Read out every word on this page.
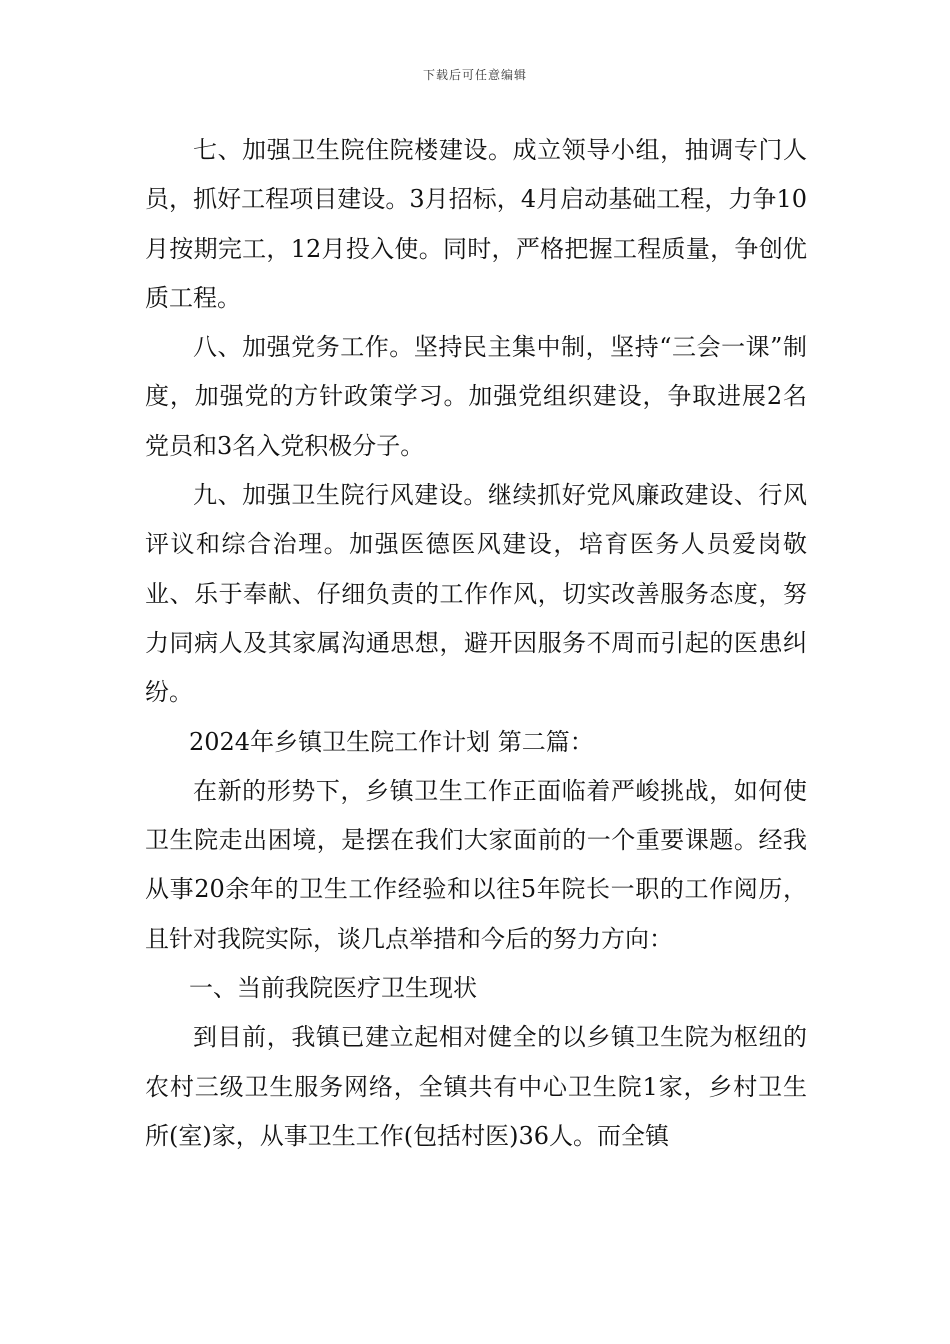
下载后可任意编辑

七、加强卫生院住院楼建设。成立领导小组，抽调专门人员，抓好工程项目建设。3月招标，4月启动基础工程，力争10月按期完工，12月投入使。同时，严格把握工程质量，争创优质工程。

八、加强党务工作。坚持民主集中制，坚持“三会一课”制度，加强党的方针政策学习。加强党组织建设，争取进展2名党员和3名入党积极分子。

九、加强卫生院行风建设。继续抓好党风廉政建设、行风评议和综合治理。加强医德医风建设，培育医务人员爱岗敬业、乐于奉献、仔细负责的工作作风，切实改善服务态度，努力同病人及其家属沟通思想，避开因服务不周而引起的医患纠纷。

2024年乡镇卫生院工作计划 第二篇：

在新的形势下，乡镇卫生工作正面临着严峻挑战，如何使卫生院走出困境，是摆在我们大家面前的一个重要课题。经我从事20余年的卫生工作经验和以往5年院长一职的工作阅历，且针对我院实际，谈几点举措和今后的努力方向：

一、当前我院医疗卫生现状

到目前，我镇已建立起相对健全的以乡镇卫生院为枢纽的农村三级卫生服务网络，全镇共有中心卫生院1家，乡村卫生所(室)家，从事卫生工作(包括村医)36人。而全镇
